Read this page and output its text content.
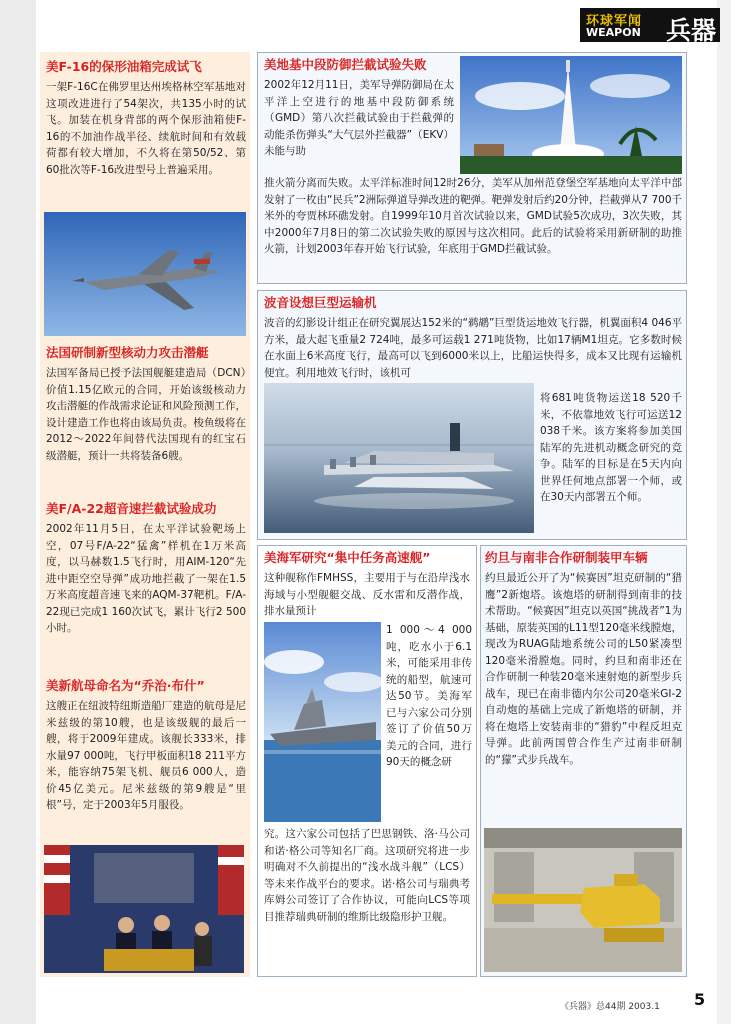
环球军闻
WEAPON 兵器
美F-16的保形油箱完成试飞

一架F-16C在佛罗里达州埃格林空军基地对这项改进进行了54架次，共135小时的试飞。加装在机身背部的两个保形油箱使F-16的不加油作战半径、续航时间和有效载荷都有较大增加，不久将在第50/52、第60批次等F-16改进型号上普遍采用。

法国研制新型核动力攻击潜艇

法国军备局已授予法国舰艇建造局（DCN）价值1.15亿欧元的合同，开始该级核动力攻击潜艇的作战需求论证和风险预测工作，设计建造工作也将由该局负责。梭鱼级将在2012～2022年间替代法国现有的红宝石级潜艇，预计一共将装备6艘。

美F/A-22超音速拦截试验成功

2002年11月5日，在太平洋试验靶场上空，07号F/A-22“猛禽”样机在1万米高度，以马赫数1.5飞行时，用AIM-120“先进中距空空导弹”成功地拦截了一架在1.5万米高度超音速飞来的AQM-37靶机。F/A-22现已完成1 160次试飞，累计飞行2 500小时。

美新航母命名为“乔治·布什”

这艘正在纽波特纽斯造船厂建造的航母是尼米兹级的第10艘，也是该级舰的最后一艘，将于2009年建成。该舰长333米，排水量97 000吨，飞行甲板面积18 211平方米，能容纳75架飞机、舰员6 000人，造价45亿美元。尼米兹级的第9艘是“里根”号，定于2003年5月服役。

美地基中段防御拦截试验失败

2002年12月11日，美军导弹防御局在太平洋上空进行的地基中段防御系统（GMD）第八次拦截试验由于拦截弹的动能杀伤弹头“大气层外拦截器”（EKV）未能与助

推火箭分离而失败。太平洋标准时间12时26分，美军从加州范登堡空军基地向太平洋中部发射了一枚由“民兵”2洲际弹道导弹改进的靶弹。靶弹发射后约20分钟，拦截弹从7 700千米外的夸贾林环礁发射。自1999年10月首次试验以来，GMD试验5次成功，3次失败，其中2000年7月8日的第二次试验失败的原因与这次相同。此后的试验将采用新研制的助推火箭，计划2003年春开始飞行试验，年底用于GMD拦截试验。

波音设想巨型运输机

波音的幻影设计组正在研究翼展达152米的“鹈鹕”巨型货运地效飞行器，机翼面积4 046平方米，最大起飞重量2 724吨，最多可运载1 271吨货物，比如17辆M1坦克。它多数时候在水面上6米高度飞行，最高可以飞到6000米以上，比船运快得多，成本又比现有运输机便宜。利用地效飞行时，该机可

将681吨货物运送18 520千米，不依靠地效飞行可运送12 038千米。该方案将参加美国陆军的先进机动概念研究的竞争。陆军的目标是在5天内向世界任何地点部署一个师，或在30天内部署五个师。

美海军研究“集中任务高速舰”

这种舰称作FMHSS，主要用于与在沿岸浅水海域与小型舰艇交战、反水雷和反潜作战，排水量预计

1 000～4 000吨，吃水小于6.1米，可能采用非传统的船型，航速可达50节。美海军已与六家公司分别签订了价值50万美元的合同，进行90天的概念研

究。这六家公司包括了巴思钢铁、洛·马公司和诺·格公司等知名厂商。这项研究将进一步明确对不久前提出的“浅水战斗舰”（LCS）等未来作战平台的要求。诺·格公司与瑞典考库姆公司签订了合作协议，可能向LCS等项目推荐瑞典研制的维斯比级隐形护卫舰。

约旦与南非合作研制装甲车辆

约旦最近公开了为“候赛因”坦克研制的“猎鹰”2新炮塔。该炮塔的研制得到南非的技术帮助。“候赛因”坦克以英国“挑战者”1为基础，原装英国的L11型120毫米线膛炮，现改为RUAG陆地系统公司的L50紧凑型120毫米滑膛炮。同时，约旦和南非还在合作研制一种装20毫米速射炮的新型步兵战车，现已在南非德内尔公司20毫米GI-2自动炮的基础上完成了新炮塔的研制，并将在炮塔上安装南非的“猎豹”中程反坦克导弹。此前两国曾合作生产过南非研制的“獴”式步兵战车。

《兵器》总44期 2003.1 5
